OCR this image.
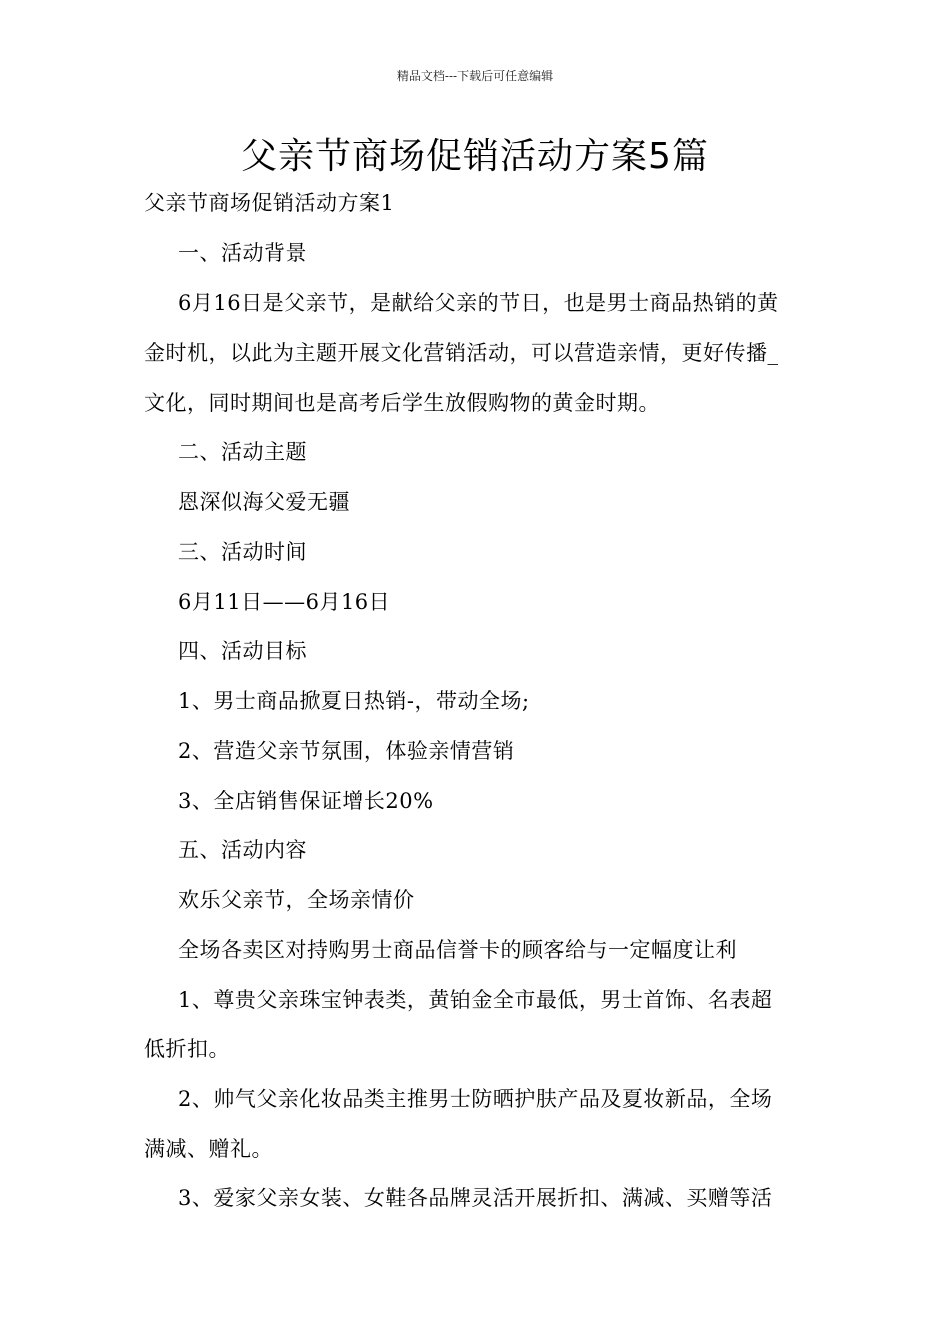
精品文档---下载后可任意编辑
父亲节商场促销活动方案5篇
父亲节商场促销活动方案1
一、活动背景
6月16日是父亲节，是献给父亲的节日，也是男士商品热销的黄
金时机，以此为主题开展文化营销活动，可以营造亲情，更好传播_
文化，同时期间也是高考后学生放假购物的黄金时期。
二、活动主题
恩深似海父爱无疆
三、活动时间
6月11日——6月16日
四、活动目标
1、男士商品掀夏日热销-，带动全场;
2、营造父亲节氛围，体验亲情营销
3、全店销售保证增长20%
五、活动内容
欢乐父亲节，全场亲情价
全场各卖区对持购男士商品信誉卡的顾客给与一定幅度让利
1、尊贵父亲珠宝钟表类，黄铂金全市最低，男士首饰、名表超
低折扣。
2、帅气父亲化妆品类主推男士防晒护肤产品及夏妆新品，全场
满减、赠礼。
3、爱家父亲女装、女鞋各品牌灵活开展折扣、满减、买赠等活
